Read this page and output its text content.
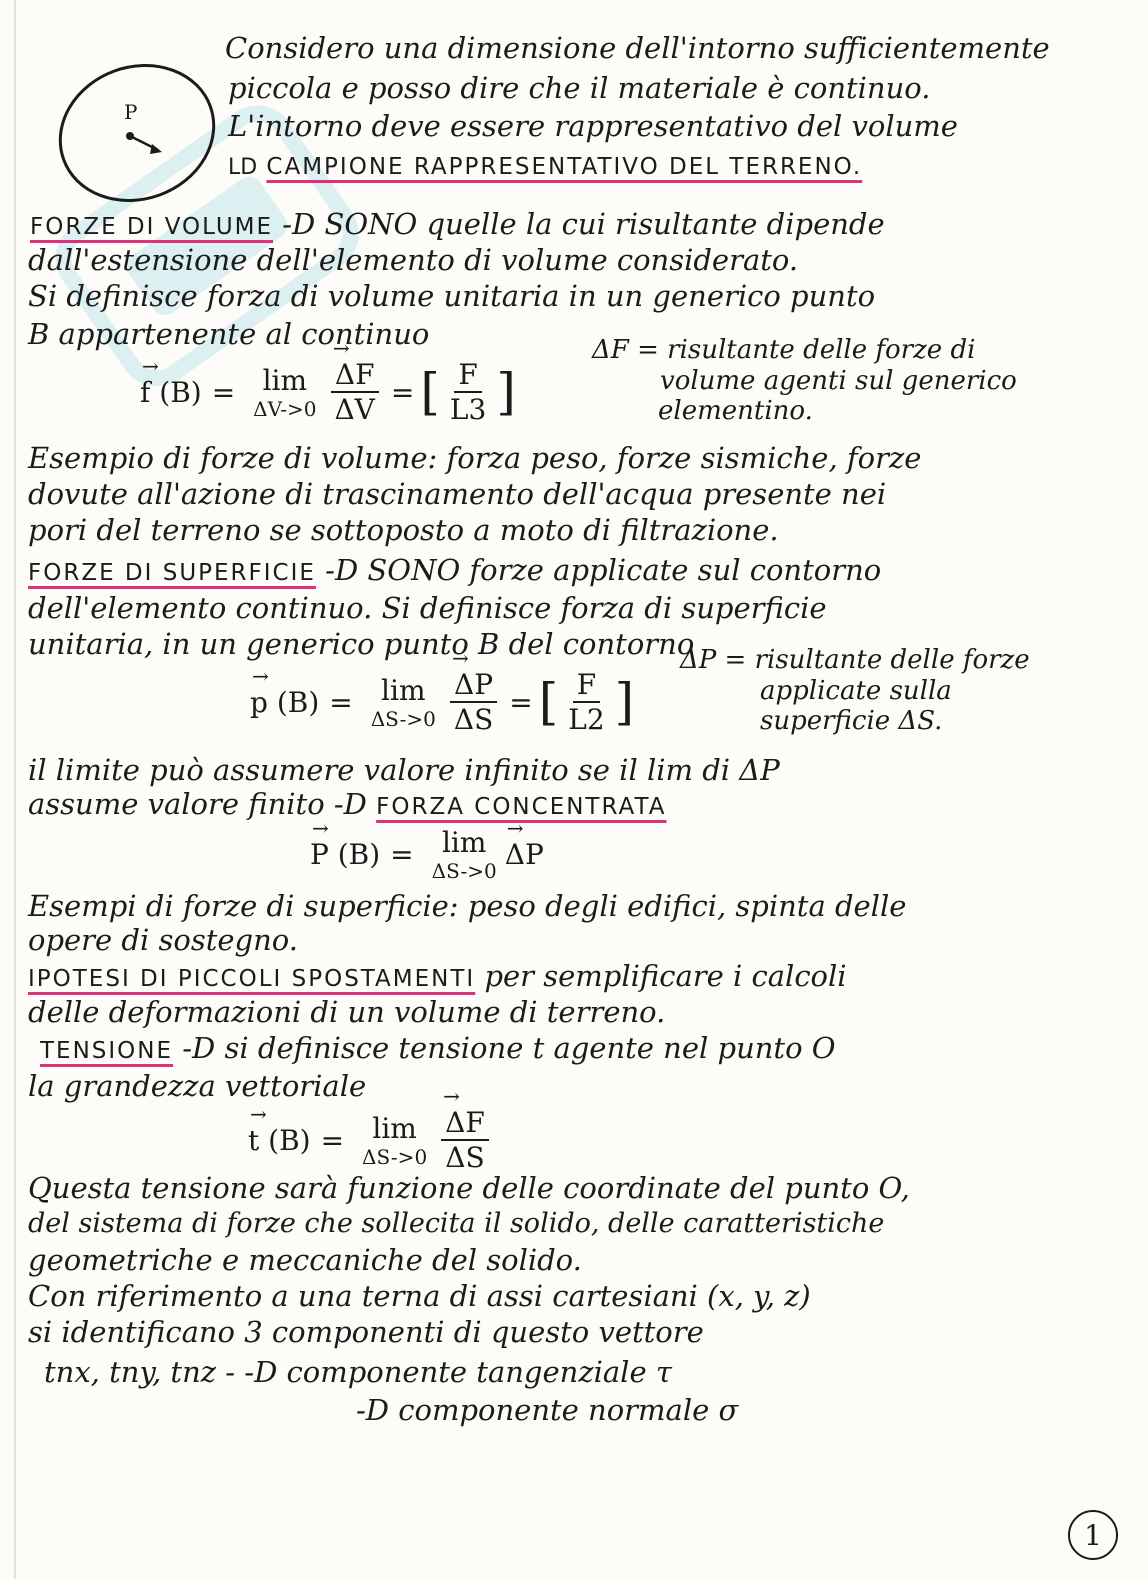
P
Considero una dimensione dell'intorno sufficientemente
piccola e posso dire che il materiale è continuo.
L'intorno deve essere rappresentativo del volume
LD CAMPIONE RAPPRESENTATIVO DEL TERRENO.
FORZE DI VOLUME -D SONO quelle la cui risultante dipende
dall'estensione dell'elemento di volume considerato.
Si definisce forza di volume unitaria in un generico punto
B appartenente al continuo
→ f (B) = lim
ΔV->0
→ $\frac{\Delta F}{\Delta V}$ = [ $\frac{F}{L3}$ ]
ΔF = risultante delle forze di
volume agenti sul generico
elementino.
Esempio di forze di volume: forza peso, forze sismiche, forze
dovute all'azione di trascinamento dell'acqua presente nei
pori del terreno se sottoposto a moto di filtrazione.
FORZE DI SUPERFICIE -D SONO forze applicate sul contorno
dell'elemento continuo. Si definisce forza di superficie
unitaria, in un generico punto B del contorno
→ p (B) = lim
ΔS->0
→ $\frac{\Delta P}{\Delta S}$ = [ $\frac{F}{L2}$ ]
ΔP = risultante delle forze
applicate sulla
superficie ΔS.
il limite può assumere valore infinito se il lim di ΔP
assume valore finito -D FORZA CONCENTRATA
→ P (B) = lim
ΔS->0
→ ΔP
Esempi di forze di superficie: peso degli edifici, spinta delle
opere di sostegno.
IPOTESI DI PICCOLI SPOSTAMENTI per semplificare i calcoli
delle deformazioni di un volume di terreno.
TENSIONE -D si definisce tensione t agente nel punto O
la grandezza vettoriale
→ t (B) = lim
ΔS->0
→ $\frac{\Delta F}{\Delta S}$
Questa tensione sarà funzione delle coordinate del punto O,
del sistema di forze che sollecita il solido, delle caratteristiche
geometriche e meccaniche del solido.
Con riferimento a una terna di assi cartesiani (x, y, z)
si identificano 3 componenti di questo vettore
tnx, tny, tnz - -D componente tangenziale τ
-D componente normale σ
1
